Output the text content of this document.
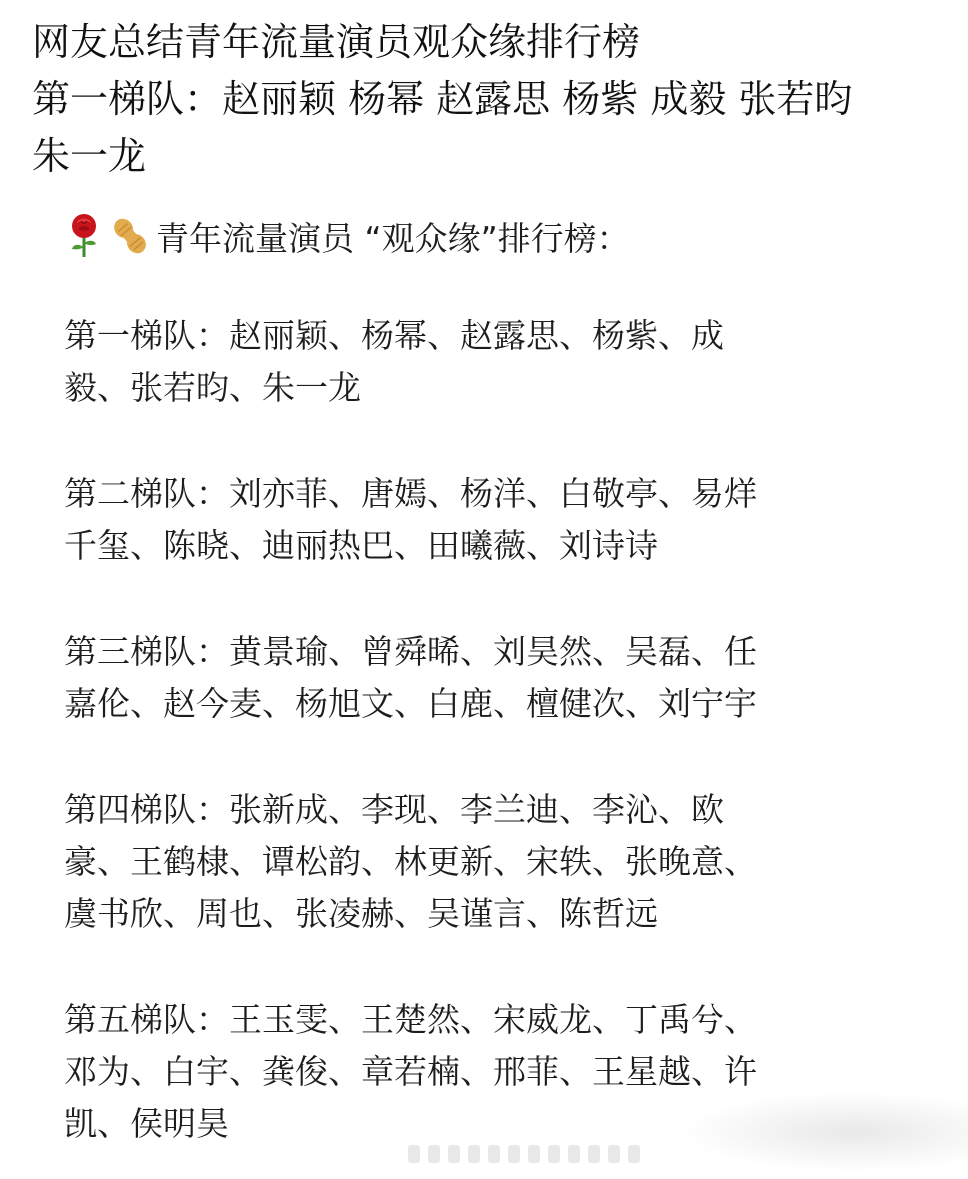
网友总结青年流量演员观众缘排行榜
第一梯队：赵丽颖 杨幂 赵露思 杨紫 成毅 张若昀
朱一龙
青年流量演员 “观众缘”排行榜：
第一梯队：赵丽颖、杨幂、赵露思、杨紫、成
毅、张若昀、朱一龙
第二梯队：刘亦菲、唐嫣、杨洋、白敬亭、易烊
千玺、陈晓、迪丽热巴、田曦薇、刘诗诗
第三梯队：黄景瑜、曾舜晞、刘昊然、吴磊、任
嘉伦、赵今麦、杨旭文、白鹿、檀健次、刘宁宇
第四梯队：张新成、李现、李兰迪、李沁、欧
豪、王鹤棣、谭松韵、林更新、宋轶、张晚意、
虞书欣、周也、张凌赫、吴谨言、陈哲远
第五梯队：王玉雯、王楚然、宋威龙、丁禹兮、
邓为、白宇、龚俊、章若楠、邢菲、王星越、许
凯、侯明昊
